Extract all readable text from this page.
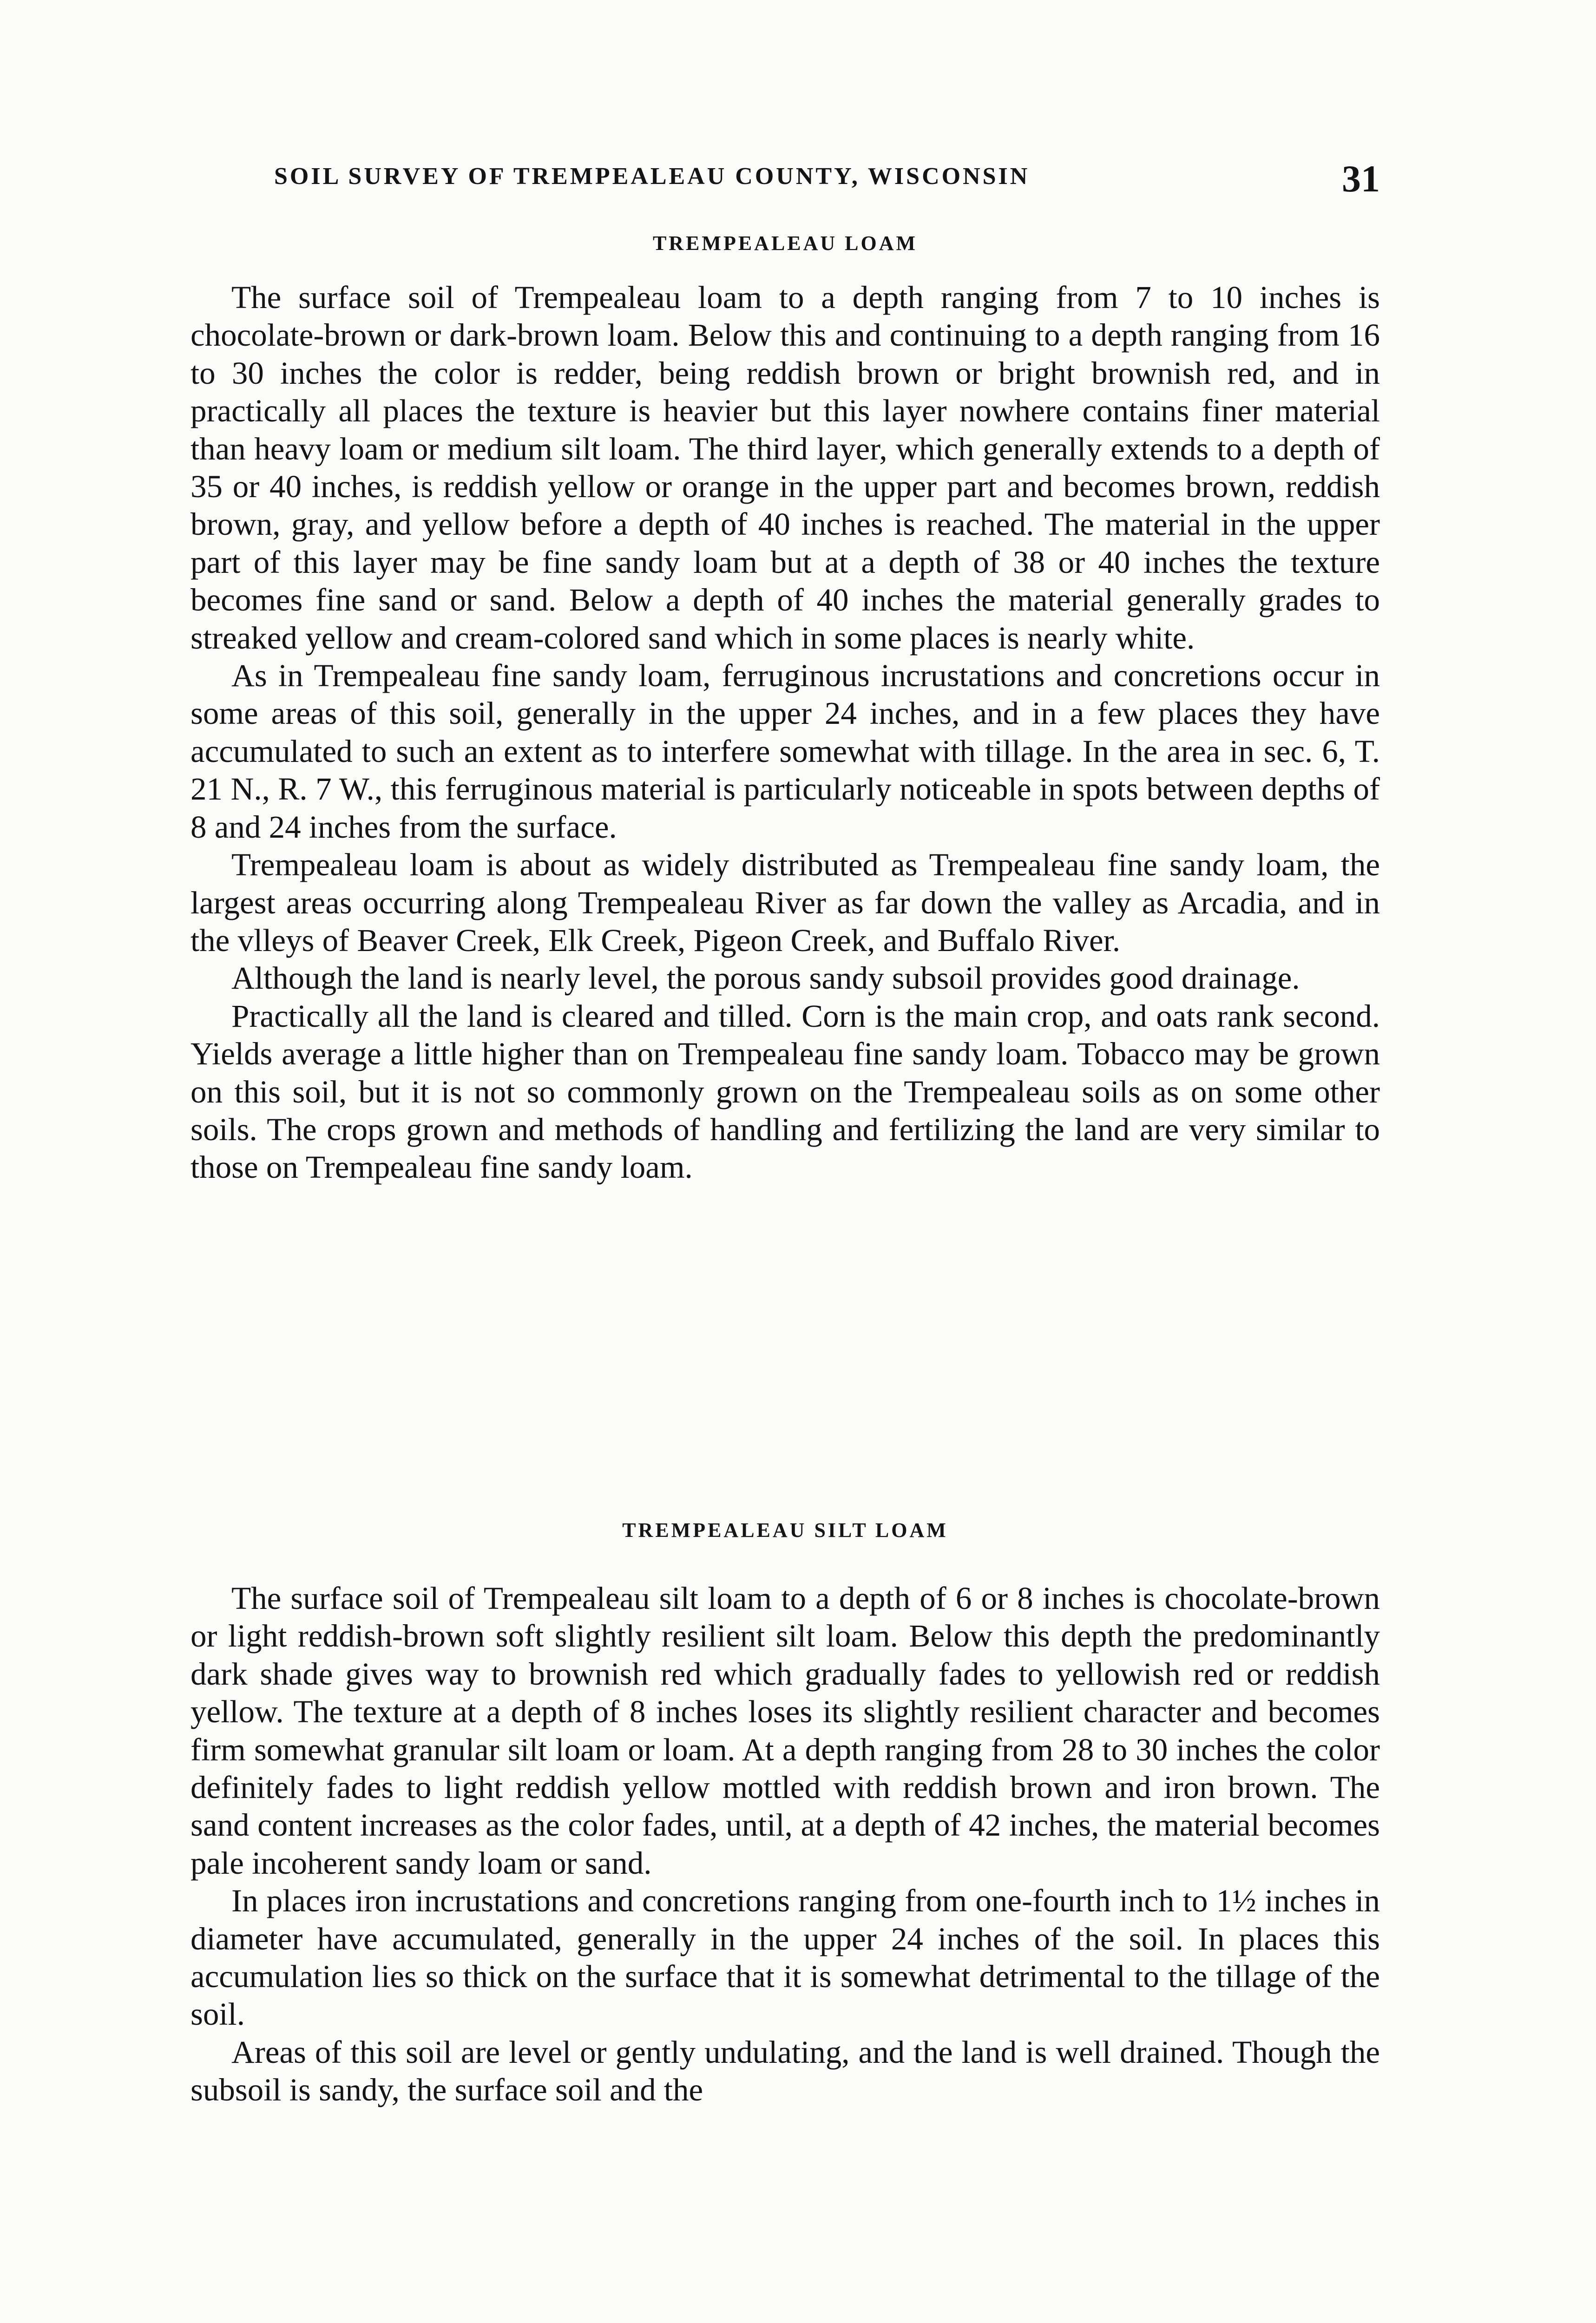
SOIL SURVEY OF TREMPEALEAU COUNTY, WISCONSIN	31
TREMPEALEAU LOAM

The surface soil of Trempealeau loam to a depth ranging from 7 to 10 inches is chocolate-brown or dark-brown loam. Below this and continuing to a depth ranging from 16 to 30 inches the color is redder, being reddish brown or bright brownish red, and in practically all places the texture is heavier but this layer nowhere contains finer material than heavy loam or medium silt loam. The third layer, which generally extends to a depth of 35 or 40 inches, is reddish yellow or orange in the upper part and becomes brown, reddish brown, gray, and yellow before a depth of 40 inches is reached. The material in the upper part of this layer may be fine sandy loam but at a depth of 38 or 40 inches the texture becomes fine sand or sand. Below a depth of 40 inches the material generally grades to streaked yellow and cream-colored sand which in some places is nearly white.

As in Trempealeau fine sandy loam, ferruginous incrustations and concretions occur in some areas of this soil, generally in the upper 24 inches, and in a few places they have accumulated to such an extent as to interfere somewhat with tillage. In the area in sec. 6, T. 21 N., R. 7 W., this ferruginous material is particularly noticeable in spots between depths of 8 and 24 inches from the surface.

Trempealeau loam is about as widely distributed as Trempealeau fine sandy loam, the largest areas occurring along Trempealeau River as far down the valley as Arcadia, and in the vlleys of Beaver Creek, Elk Creek, Pigeon Creek, and Buffalo River.

Although the land is nearly level, the porous sandy subsoil provides good drainage.

Practically all the land is cleared and tilled. Corn is the main crop, and oats rank second. Yields average a little higher than on Trempealeau fine sandy loam. Tobacco may be grown on this soil, but it is not so commonly grown on the Trempealeau soils as on some other soils. The crops grown and methods of handling and fertilizing the land are very similar to those on Trempealeau fine sandy loam.

TREMPEALEAU SILT LOAM

The surface soil of Trempealeau silt loam to a depth of 6 or 8 inches is chocolate-brown or light reddish-brown soft slightly resilient silt loam. Below this depth the predominantly dark shade gives way to brownish red which gradually fades to yellowish red or reddish yellow. The texture at a depth of 8 inches loses its slightly resilient character and becomes firm somewhat granular silt loam or loam. At a depth ranging from 28 to 30 inches the color definitely fades to light reddish yellow mottled with reddish brown and iron brown. The sand content increases as the color fades, until, at a depth of 42 inches, the material becomes pale incoherent sandy loam or sand.

In places iron incrustations and concretions ranging from one-fourth inch to 1½ inches in diameter have accumulated, generally in the upper 24 inches of the soil. In places this accumulation lies so thick on the surface that it is somewhat detrimental to the tillage of the soil.

Areas of this soil are level or gently undulating, and the land is well drained. Though the subsoil is sandy, the surface soil and the
